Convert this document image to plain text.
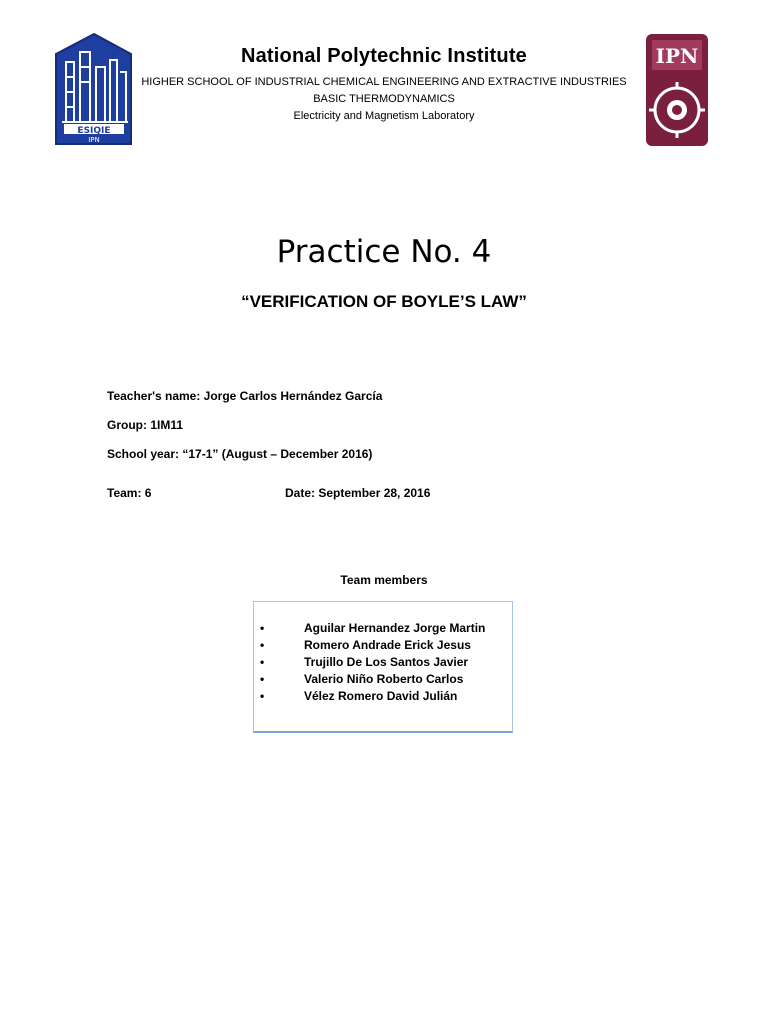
ESIQIE
IPN
IPN
National Polytechnic Institute
HIGHER SCHOOL OF INDUSTRIAL CHEMICAL ENGINEERING AND EXTRACTIVE INDUSTRIES
BASIC THERMODYNAMICS
Electricity and Magnetism Laboratory
Practice No. 4
“VERIFICATION OF BOYLE’S LAW”
Teacher's name: Jorge Carlos Hernández García
Group: 1IM11
School year: “17-1” (August – December 2016)
Team: 6	Date: September 28, 2016
Team members
•	Aguilar Hernandez Jorge Martin
•	Romero Andrade Erick Jesus
•	Trujillo De Los Santos Javier
•	Valerio Niño Roberto Carlos
•	Vélez Romero David Julián
